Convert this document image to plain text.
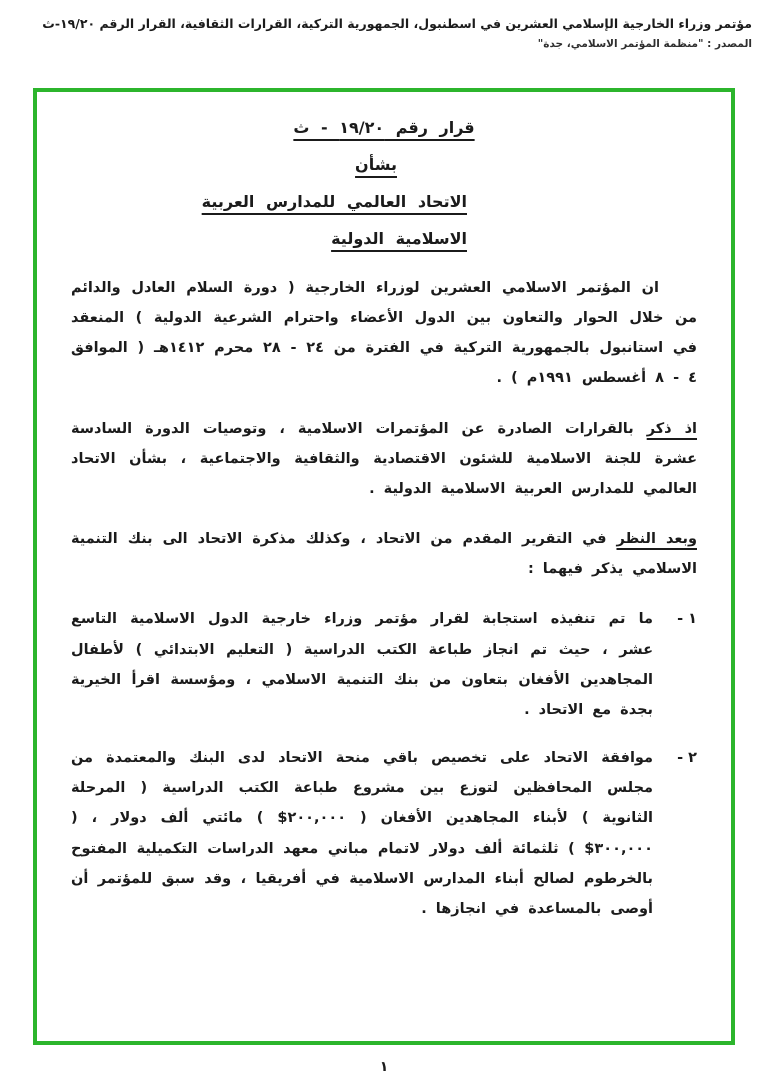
مؤتمر وزراء الخارجية الإسلامي العشرين في اسطنبول، الجمهورية التركية، القرارات الثقافية، القرار الرقم ١٩/٢٠-ث
المصدر : "منظمة المؤتمر الاسلامي، جدة"
قرار رقم ١٩/٢٠ - ث
بشأن
الاتحاد العالمي للمدارس العربية
الاسلامية الدولية

ان المؤتمر الاسلامي العشرين لوزراء الخارجية ( دورة السلام العادل والدائم من خلال الحوار والتعاون بين الدول الأعضاء واحترام الشرعية الدولية ) المنعقد في استانبول بالجمهورية التركية في الفترة من ٢٤ - ٢٨ محرم ١٤١٢هـ ( الموافق ٤ - ٨ أغسطس ١٩٩١م ) .

اذ ذكر بالقرارات الصادرة عن المؤتمرات الاسلامية ، وتوصيات الدورة السادسة عشرة للجنة الاسلامية للشئون الاقتصادية والثقافية والاجتماعية ، بشأن الاتحاد العالمي للمدارس العربية الاسلامية الدولية .

وبعد النظر في التقرير المقدم من الاتحاد ، وكذلك مذكرة الاتحاد الى بنك التنمية الاسلامي يذكر فيهما :

١ -
ما تم تنفيذه استجابة لقرار مؤتمر وزراء خارجية الدول الاسلامية التاسع عشر ، حيث تم انجاز طباعة الكتب الدراسية ( التعليم الابتدائي ) لأطفال المجاهدين الأفغان بتعاون من بنك التنمية الاسلامي ، ومؤسسة اقرأ الخيرية بجدة مع الاتحاد .
٢ -
موافقة الاتحاد على تخصيص باقي منحة الاتحاد لدى البنك والمعتمدة من مجلس المحافظين لتوزع بين مشروع طباعة الكتب الدراسية ( المرحلة الثانوية ) لأبناء المجاهدين الأفغان ( ٢٠٠,٠٠٠$ ) مائتي ألف دولار ، ( ٣٠٠,٠٠٠$ ) ثلثمائة ألف دولار لاتمام مباني معهد الدراسات التكميلية المفتوح بالخرطوم لصالح أبناء المدارس الاسلامية في أفريقيا ، وقد سبق للمؤتمر أن أوصى بالمساعدة في انجازها .
١
